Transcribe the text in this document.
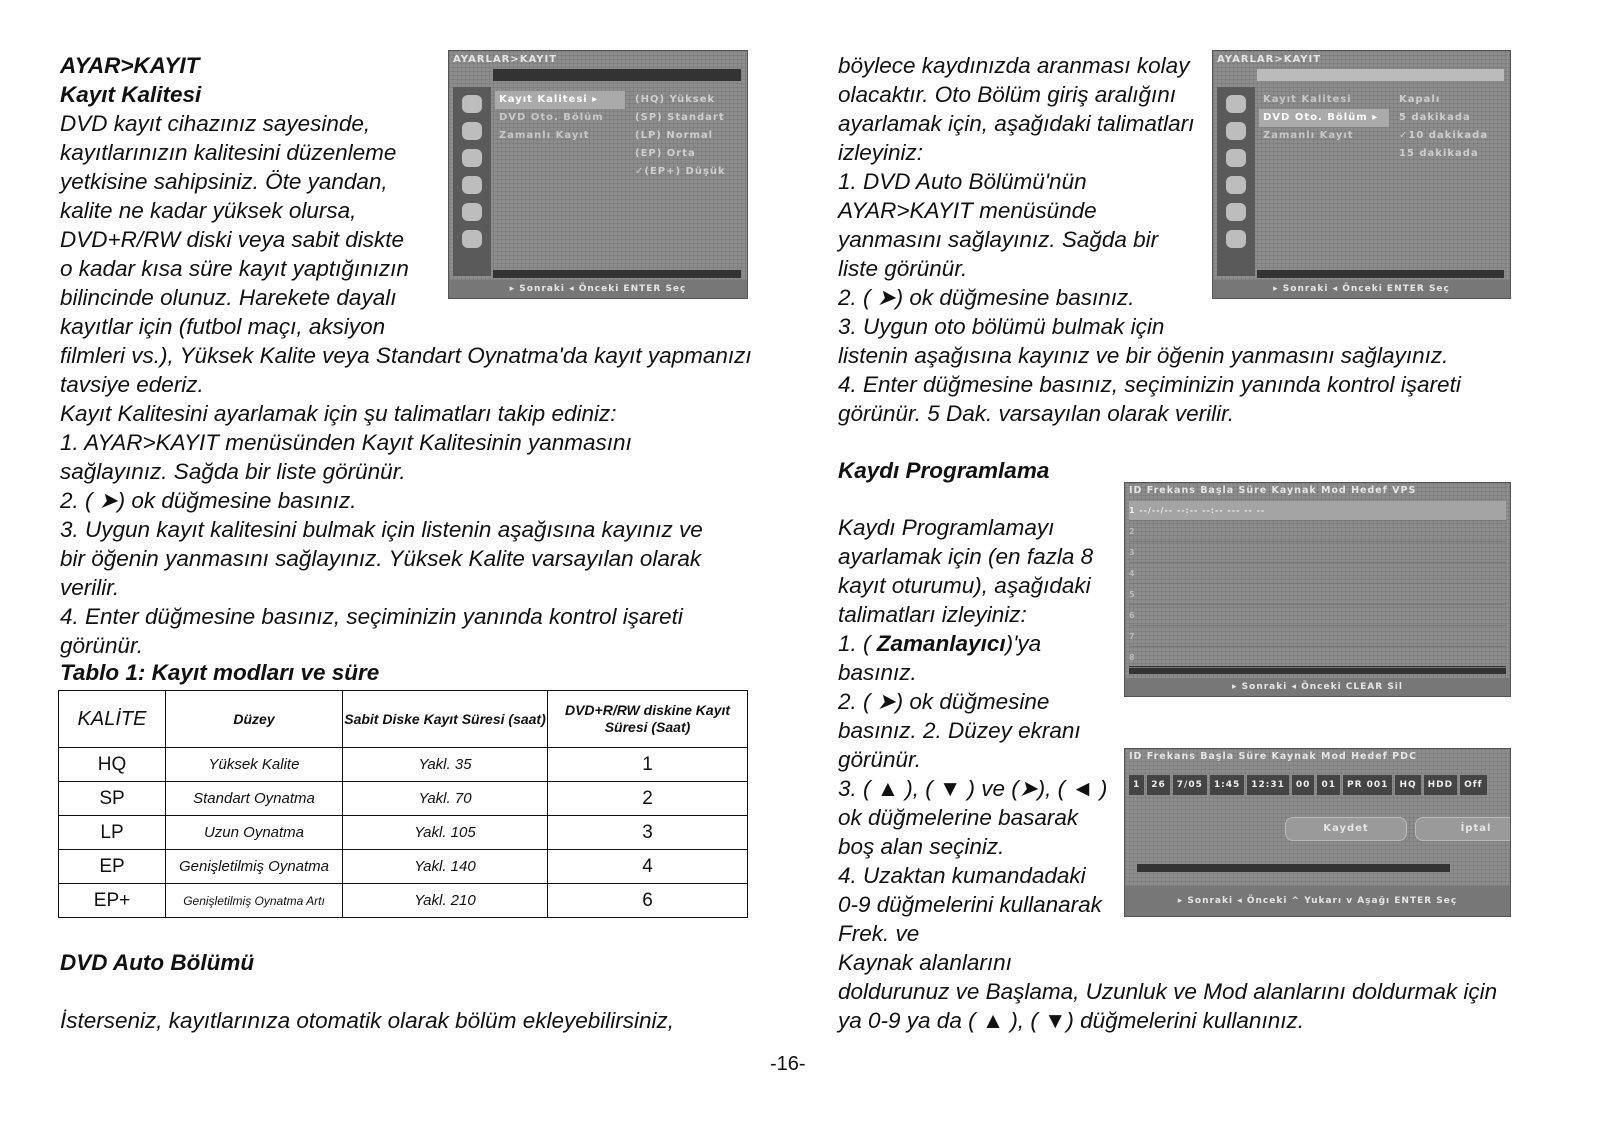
AYAR>KAYIT
Kayıt Kalitesi
DVD kayıt cihazınız sayesinde,
kayıtlarınızın kalitesini düzenleme
yetkisine sahipsiniz. Öte yandan,
kalite ne kadar yüksek olursa,
DVD+R/RW diski veya sabit diskte
o kadar kısa süre kayıt yaptığınızın
bilincinde olunuz. Harekete dayalı
kayıtlar için (futbol maçı, aksiyon
filmleri vs.), Yüksek Kalite veya Standart Oynatma'da kayıt yapmanızı
tavsiye ederiz.
Kayıt Kalitesini ayarlamak için şu talimatları takip ediniz:
1. AYAR>KAYIT menüsünden Kayıt Kalitesinin yanmasını
sağlayınız. Sağda bir liste görünür.
2. ( ➤) ok düğmesine basınız.
3. Uygun kayıt kalitesini bulmak için listenin aşağısına kayınız ve
bir öğenin yanmasını sağlayınız. Yüksek Kalite varsayılan olarak
verilir.
4. Enter düğmesine basınız, seçiminizin yanında kontrol işareti
görünür.
Tablo 1: Kayıt modları ve süre
KALİTE	Düzey	Sabit Diske Kayıt Süresi (saat)	DVD+R/RW diskine Kayıt Süresi (Saat)
HQ	Yüksek Kalite	Yakl. 35	1
SP	Standart Oynatma	Yakl. 70	2
LP	Uzun Oynatma	Yakl. 105	3
EP	Genişletilmiş Oynatma	Yakl. 140	4
EP+	Genişletilmiş Oynatma Artı	Yakl. 210	6
DVD Auto Bölümü
İsterseniz, kayıtlarınıza otomatik olarak bölüm ekleyebilirsiniz,
böylece kaydınızda aranması kolay
olacaktır. Oto Bölüm giriş aralığını
ayarlamak için, aşağıdaki talimatları
izleyiniz:
1. DVD Auto Bölümü'nün
AYAR>KAYIT menüsünde
yanmasını sağlayınız. Sağda bir
liste görünür.
2. ( ➤) ok düğmesine basınız.
3. Uygun oto bölümü bulmak için
listenin aşağısına kayınız ve bir öğenin yanmasını sağlayınız.
4. Enter düğmesine basınız, seçiminizin yanında kontrol işareti
görünür. 5 Dak. varsayılan olarak verilir.
Kaydı Programlama
Kaydı Programlamayı
ayarlamak için (en fazla 8
kayıt oturumu), aşağıdaki
talimatları izleyiniz:
1. ( Zamanlayıcı)'ya
basınız.
2. ( ➤) ok düğmesine
basınız. 2. Düzey ekranı
görünür.
3. ( ▲ ), ( ▼ ) ve (➤), ( ◄ )
ok düğmelerine basarak
boş alan seçiniz.
4. Uzaktan kumandadaki
0-9 düğmelerini kullanarak
Frek. ve
Kaynak alanlarını
doldurunuz ve Başlama, Uzunluk ve Mod alanlarını doldurmak için
ya 0-9 ya da ( ▲ ), ( ▼) düğmelerini kullanınız.
AYARLAR>KAYIT
Kayıt Kalitesi ▸
DVD Oto. Bölüm
Zamanlı Kayıt
(HQ) Yüksek
(SP) Standart
(LP) Normal
(EP) Orta
✓(EP+) Düşük
▸ Sonraki ◂ Önceki ENTER Seç
AYARLAR>KAYIT
Kayıt Kalitesi
DVD Oto. Bölüm ▸
Zamanlı Kayıt
Kapalı
5 dakikada
✓10 dakikada
15 dakikada
▸ Sonraki ◂ Önceki ENTER Seç
ID Frekans Başla Süre Kaynak Mod Hedef VPS
▸ Sonraki ◂ Önceki CLEAR Sil
1 --/--/-- --:-- --:-- --- -- --
2
3
4
5
6
7
8
ID Frekans Başla Süre Kaynak Mod Hedef PDC
1 26 7/05 1:45 12:31 00 01 PR 001 HQ HDD Off
Kaydet	İptal
▸ Sonraki ◂ Önceki ^ Yukarı v Aşağı ENTER Seç
-16-
